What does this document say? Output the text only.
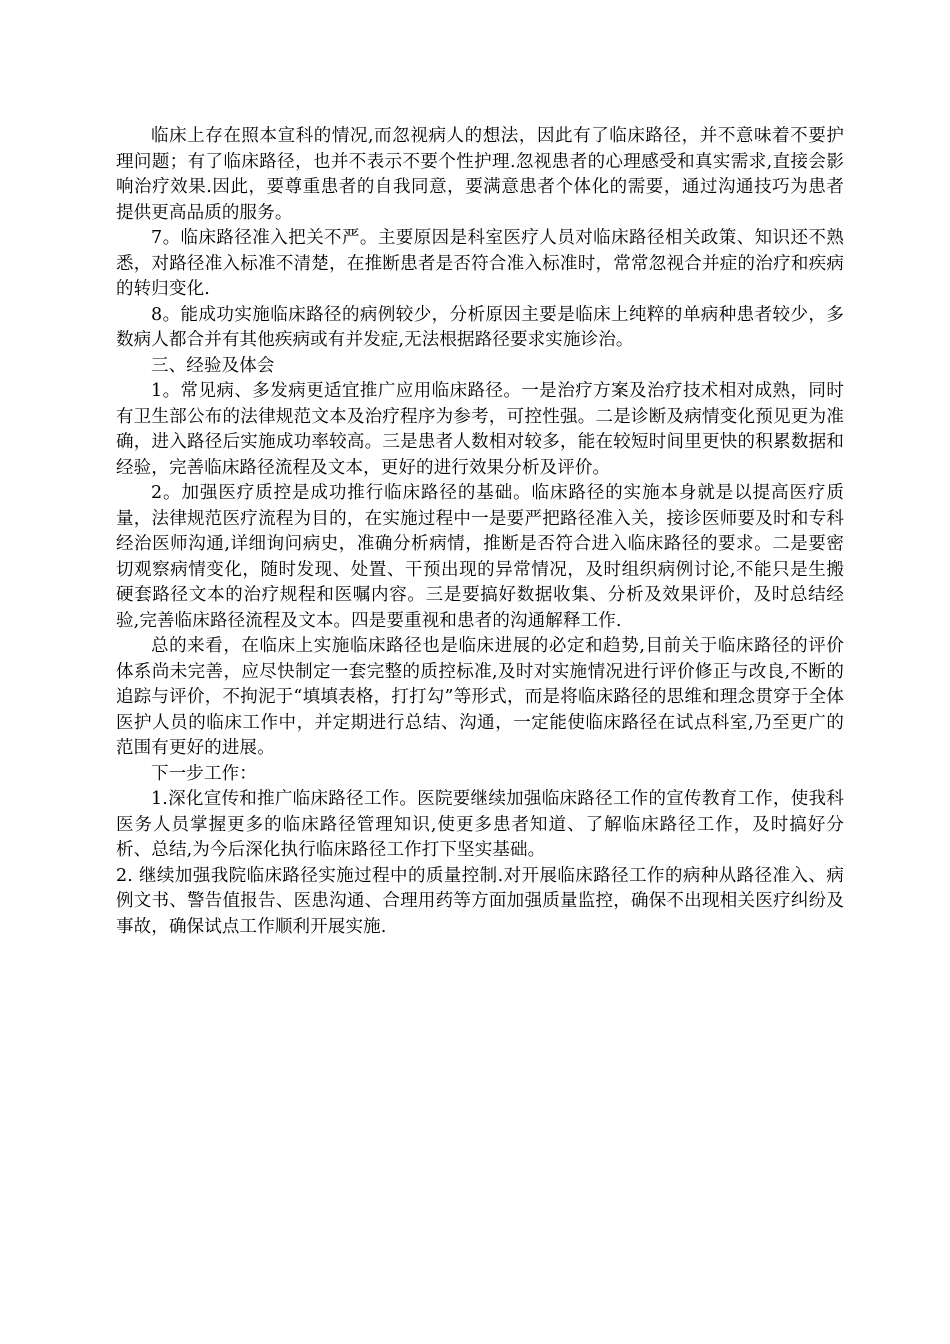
临床上存在照本宣科的情况,而忽视病人的想法，因此有了临床路径，并不意味着不要护理问题；有了临床路径，也并不表示不要个性护理.忽视患者的心理感受和真实需求,直接会影响治疗效果.因此，要尊重患者的自我同意，要满意患者个体化的需要，通过沟通技巧为患者提供更高品质的服务。

7。临床路径准入把关不严。主要原因是科室医疗人员对临床路径相关政策、知识还不熟悉，对路径准入标准不清楚，在推断患者是否符合准入标准时，常常忽视合并症的治疗和疾病的转归变化.

8。能成功实施临床路径的病例较少，分析原因主要是临床上纯粹的单病种患者较少，多数病人都合并有其他疾病或有并发症,无法根据路径要求实施诊治。

三、经验及体会

1。常见病、多发病更适宜推广应用临床路径。一是治疗方案及治疗技术相对成熟，同时有卫生部公布的法律规范文本及治疗程序为参考，可控性强。二是诊断及病情变化预见更为准确，进入路径后实施成功率较高。三是患者人数相对较多，能在较短时间里更快的积累数据和经验，完善临床路径流程及文本，更好的进行效果分析及评价。

2。加强医疗质控是成功推行临床路径的基础。临床路径的实施本身就是以提高医疗质量，法律规范医疗流程为目的，在实施过程中一是要严把路径准入关，接诊医师要及时和专科经治医师沟通,详细询问病史，准确分析病情，推断是否符合进入临床路径的要求。二是要密切观察病情变化，随时发现、处置、干预出现的异常情况，及时组织病例讨论,不能只是生搬硬套路径文本的治疗规程和医嘱内容。三是要搞好数据收集、分析及效果评价，及时总结经验,完善临床路径流程及文本。四是要重视和患者的沟通解释工作.

总的来看，在临床上实施临床路径也是临床进展的必定和趋势,目前关于临床路径的评价体系尚未完善，应尽快制定一套完整的质控标准,及时对实施情况进行评价修正与改良,不断的追踪与评价，不拘泥于“填填表格，打打勾”等形式，而是将临床路径的思维和理念贯穿于全体医护人员的临床工作中，并定期进行总结、沟通，一定能使临床路径在试点科室,乃至更广的范围有更好的进展。

下一步工作：

1.深化宣传和推广临床路径工作。医院要继续加强临床路径工作的宣传教育工作，使我科医务人员掌握更多的临床路径管理知识,使更多患者知道、了解临床路径工作，及时搞好分析、总结,为今后深化执行临床路径工作打下坚实基础。

2. 继续加强我院临床路径实施过程中的质量控制.对开展临床路径工作的病种从路径准入、病例文书、警告值报告、医患沟通、合理用药等方面加强质量监控，确保不出现相关医疗纠纷及事故，确保试点工作顺利开展实施.
